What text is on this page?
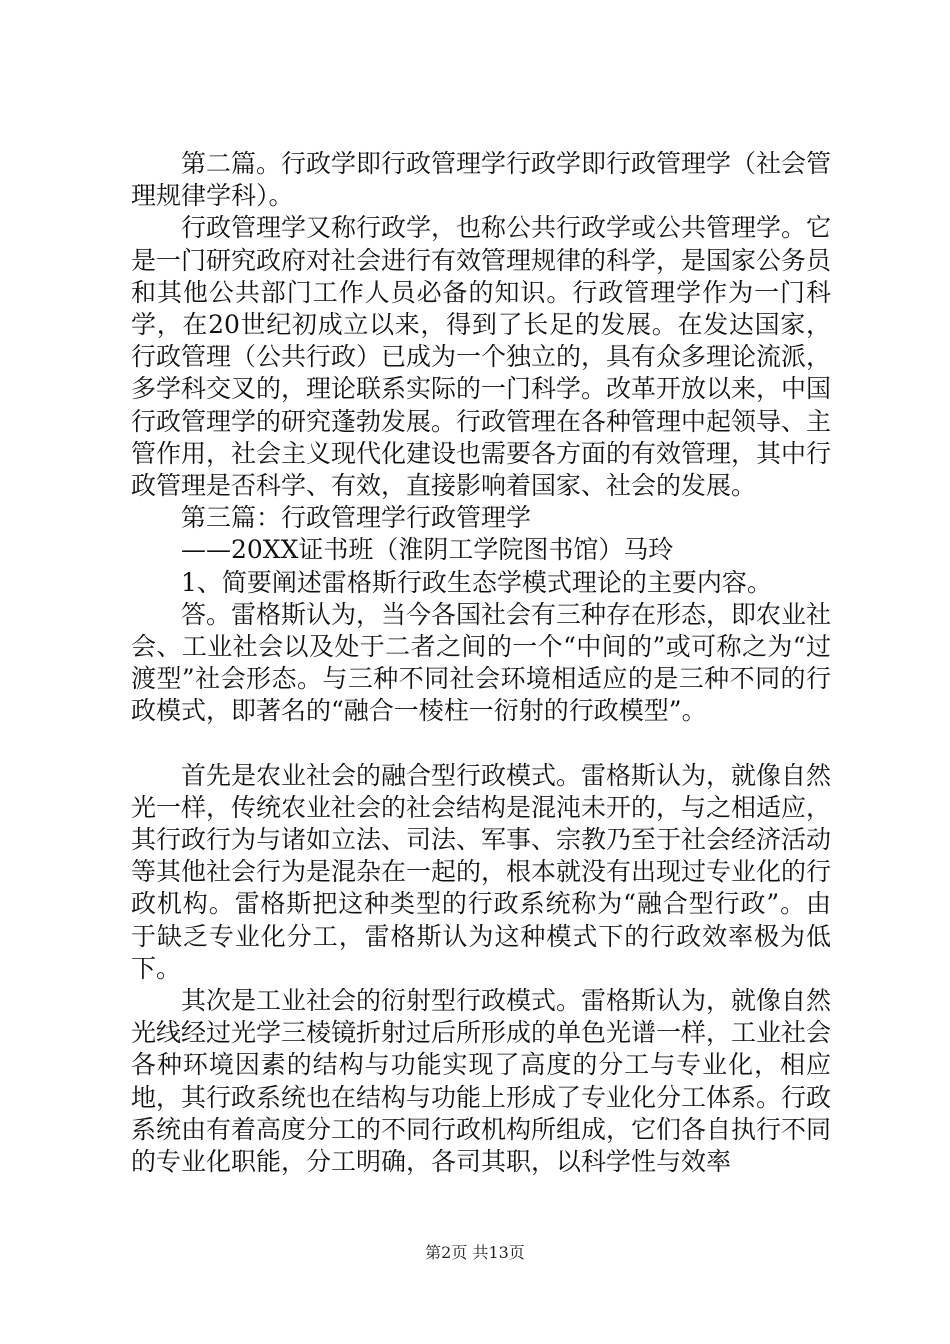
第二篇。行政学即行政管理学行政学即行政管理学（社会管理规律学科）。

行政管理学又称行政学，也称公共行政学或公共管理学。它是一门研究政府对社会进行有效管理规律的科学，是国家公务员和其他公共部门工作人员必备的知识。行政管理学作为一门科学，在20世纪初成立以来，得到了长足的发展。在发达国家，行政管理（公共行政）已成为一个独立的，具有众多理论流派，多学科交叉的，理论联系实际的一门科学。改革开放以来，中国行政管理学的研究蓬勃发展。行政管理在各种管理中起领导、主管作用，社会主义现代化建设也需要各方面的有效管理，其中行政管理是否科学、有效，直接影响着国家、社会的发展。

第三篇：行政管理学行政管理学

——20XX证书班（淮阴工学院图书馆）马玲

1、简要阐述雷格斯行政生态学模式理论的主要内容。

答。雷格斯认为，当今各国社会有三种存在形态，即农业社会、工业社会以及处于二者之间的一个“中间的”或可称之为“过渡型”社会形态。与三种不同社会环境相适应的是三种不同的行政模式，即著名的“融合一棱柱一衍射的行政模型”。

首先是农业社会的融合型行政模式。雷格斯认为，就像自然光一样，传统农业社会的社会结构是混沌未开的，与之相适应，其行政行为与诸如立法、司法、军事、宗教乃至于社会经济活动等其他社会行为是混杂在一起的，根本就没有出现过专业化的行政机构。雷格斯把这种类型的行政系统称为“融合型行政”。由于缺乏专业化分工，雷格斯认为这种模式下的行政效率极为低下。

其次是工业社会的衍射型行政模式。雷格斯认为，就像自然光线经过光学三棱镜折射过后所形成的单色光谱一样，工业社会各种环境因素的结构与功能实现了高度的分工与专业化，相应地，其行政系统也在结构与功能上形成了专业化分工体系。行政系统由有着高度分工的不同行政机构所组成，它们各自执行不同的专业化职能，分工明确，各司其职，以科学性与效率

第2页 共13页
